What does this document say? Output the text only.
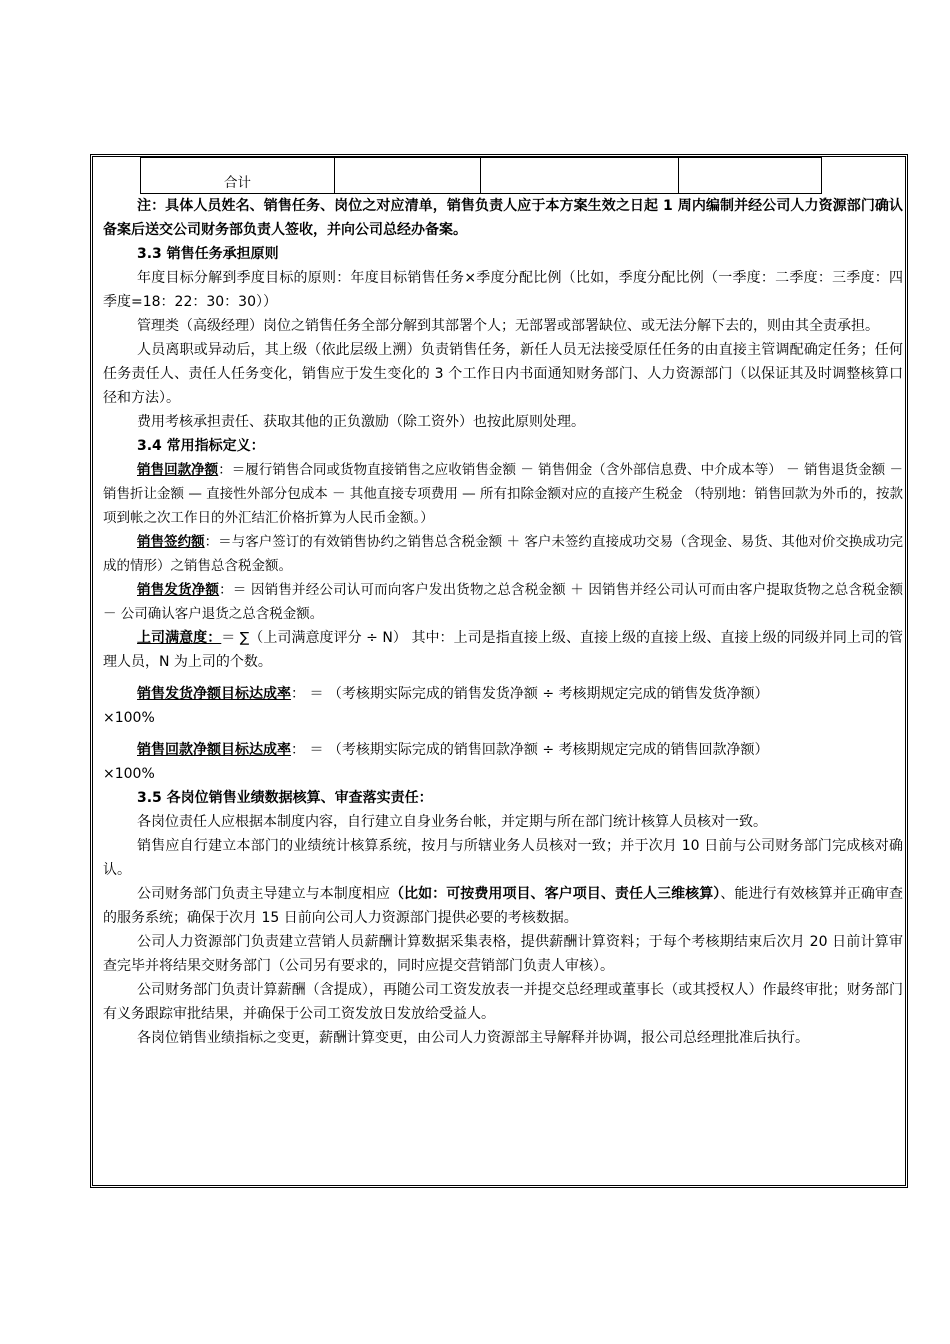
合计

注：具体人员姓名、销售任务、岗位之对应清单，销售负责人应于本方案生效之日起 1 周内编制并经公司人力资源部门确认备案后送交公司财务部负责人签收，并向公司总经办备案。

3.3 销售任务承担原则

年度目标分解到季度目标的原则：年度目标销售任务×季度分配比例（比如，季度分配比例（一季度：二季度：三季度：四季度=18：22：30：30））

管理类（高级经理）岗位之销售任务全部分解到其部署个人；无部署或部署缺位、或无法分解下去的，则由其全责承担。

人员离职或异动后，其上级（依此层级上溯）负责销售任务，新任人员无法接受原任任务的由直接主管调配确定任务；任何任务责任人、责任人任务变化，销售应于发生变化的 3 个工作日内书面通知财务部门、人力资源部门（以保证其及时调整核算口径和方法）。

费用考核承担责任、获取其他的正负激励（除工资外）也按此原则处理。

3.4 常用指标定义：

销售回款净额：＝履行销售合同或货物直接销售之应收销售金额 － 销售佣金（含外部信息费、中介成本等） － 销售退货金额 － 销售折让金额 — 直接性外部分包成本 － 其他直接专项费用 — 所有扣除金额对应的直接产生税金 （特别地：销售回款为外币的，按款项到帐之次工作日的外汇结汇价格折算为人民币金额。）

销售签约额：＝与客户签订的有效销售协约之销售总含税金额 ＋ 客户未签约直接成功交易（含现金、易货、其他对价交换成功完成的情形）之销售总含税金额。

销售发货净额：＝ 因销售并经公司认可而向客户发出货物之总含税金额 ＋ 因销售并经公司认可而由客户提取货物之总含税金额 － 公司确认客户退货之总含税金额。

上司满意度：＝ ∑（上司满意度评分 ÷ N） 其中：上司是指直接上级、直接上级的直接上级、直接上级的同级并同上司的管理人员，N 为上司的个数。

销售发货净额目标达成率： ＝ （考核期实际完成的销售发货净额 ÷ 考核期规定完成的销售发货净额）

×100%

销售回款净额目标达成率： ＝ （考核期实际完成的销售回款净额 ÷ 考核期规定完成的销售回款净额）

×100%

3.5 各岗位销售业绩数据核算、审查落实责任：

各岗位责任人应根据本制度内容，自行建立自身业务台帐，并定期与所在部门统计核算人员核对一致。

销售应自行建立本部门的业绩统计核算系统，按月与所辖业务人员核对一致；并于次月 10 日前与公司财务部门完成核对确认。

公司财务部门负责主导建立与本制度相应（比如：可按费用项目、客户项目、责任人三维核算）、能进行有效核算并正确审查的服务系统；确保于次月 15 日前向公司人力资源部门提供必要的考核数据。

公司人力资源部门负责建立营销人员薪酬计算数据采集表格，提供薪酬计算资料；于每个考核期结束后次月 20 日前计算审查完毕并将结果交财务部门（公司另有要求的，同时应提交营销部门负责人审核）。

公司财务部门负责计算薪酬（含提成），再随公司工资发放表一并提交总经理或董事长（或其授权人）作最终审批；财务部门有义务跟踪审批结果，并确保于公司工资发放日发放给受益人。

各岗位销售业绩指标之变更，薪酬计算变更，由公司人力资源部主导解释并协调，报公司总经理批准后执行。
